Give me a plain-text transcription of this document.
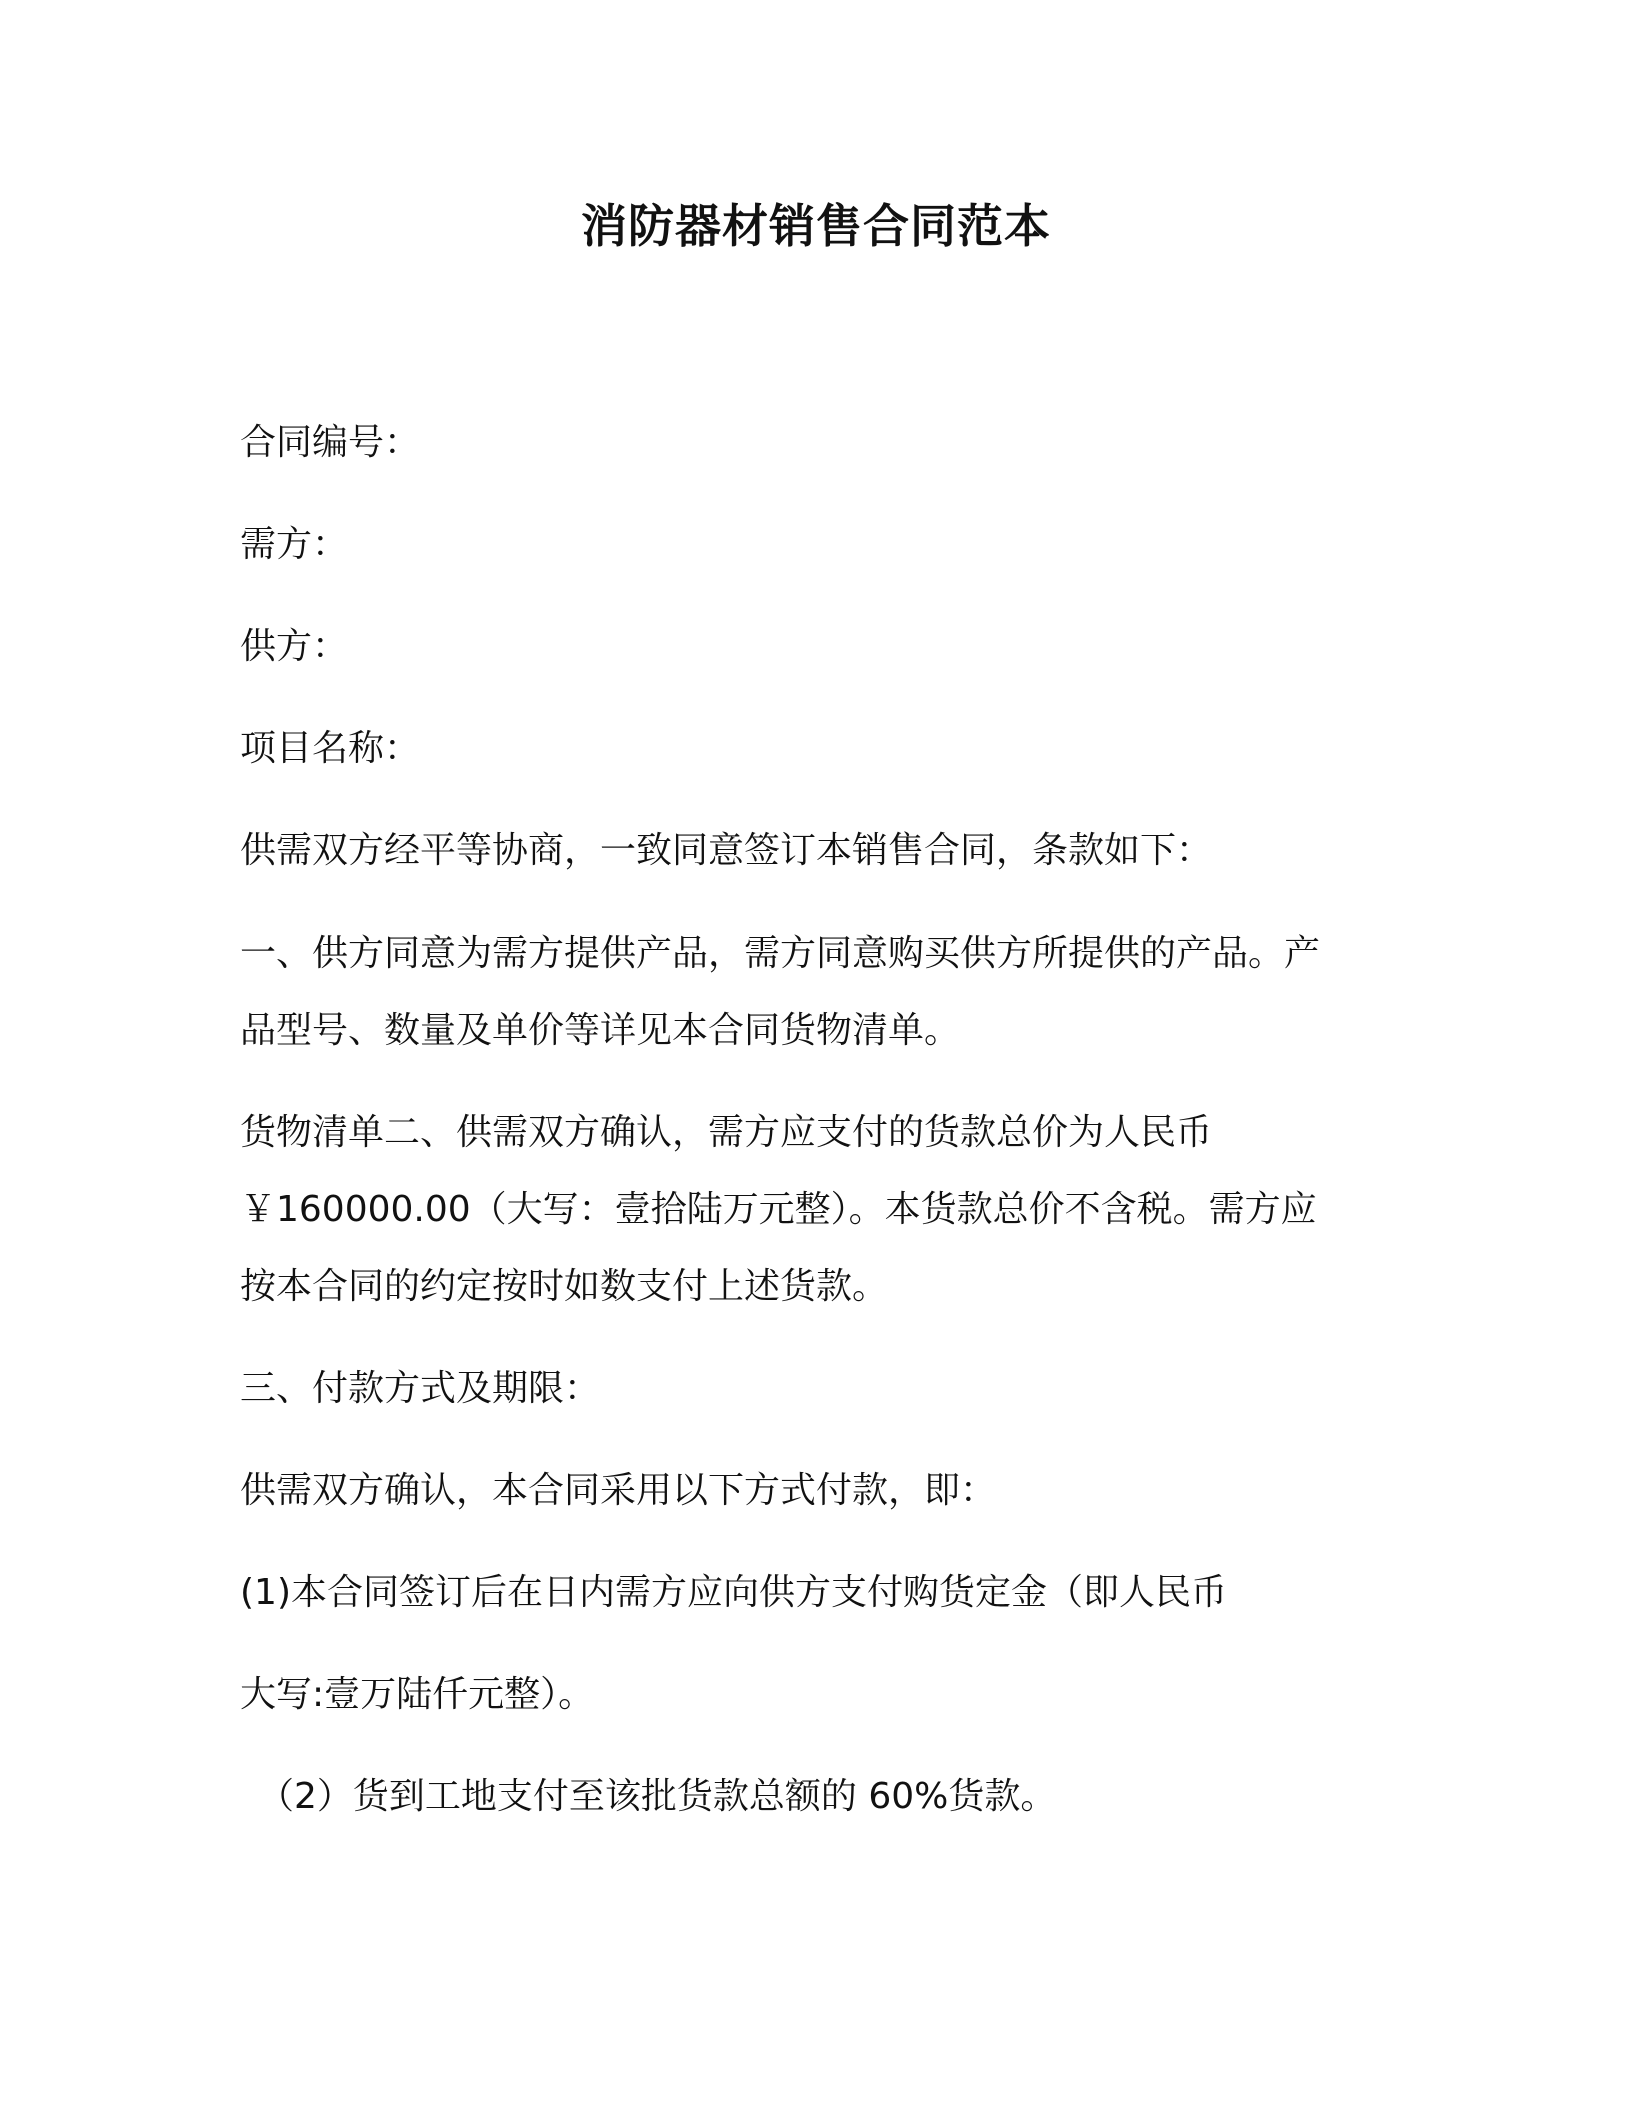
消防器材销售合同范本
合同编号：
需方：
供方：
项目名称：
供需双方经平等协商，一致同意签订本销售合同，条款如下：
一、供方同意为需方提供产品，需方同意购买供方所提供的产品。产
品型号、数量及单价等详见本合同货物清单。
货物清单二、供需双方确认，需方应支付的货款总价为人民币
￥160000.00（大写：壹拾陆万元整）。本货款总价不含税。需方应
按本合同的约定按时如数支付上述货款。
三、付款方式及期限：
供需双方确认，本合同采用以下方式付款，即：
(1)本合同签订后在日内需方应向供方支付购货定金（即人民币
大写:壹万陆仟元整）。
（2）货到工地支付至该批货款总额的 60%货款。
